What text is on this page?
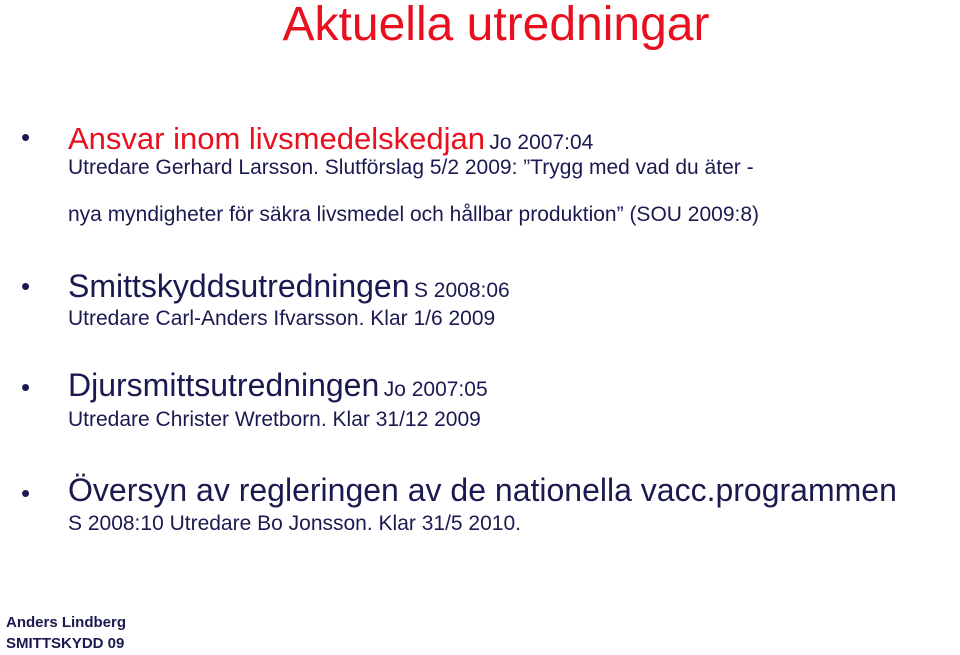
Aktuella utredningar
• Ansvar inom livsmedelskedjan Jo 2007:04
Utredare Gerhard Larsson. Slutförslag 5/2 2009: ”Trygg med vad du äter -
nya myndigheter för säkra livsmedel och hållbar produktion” (SOU 2009:8)
• Smittskyddsutredningen S 2008:06
Utredare Carl-Anders Ifvarsson. Klar 1/6 2009
• Djursmittsutredningen Jo 2007:05
Utredare Christer Wretborn. Klar 31/12 2009
• Översyn av regleringen av de nationella vacc.programmen
S 2008:10 Utredare Bo Jonsson. Klar 31/5 2010.
Anders Lindberg
SMITTSKYDD 09
